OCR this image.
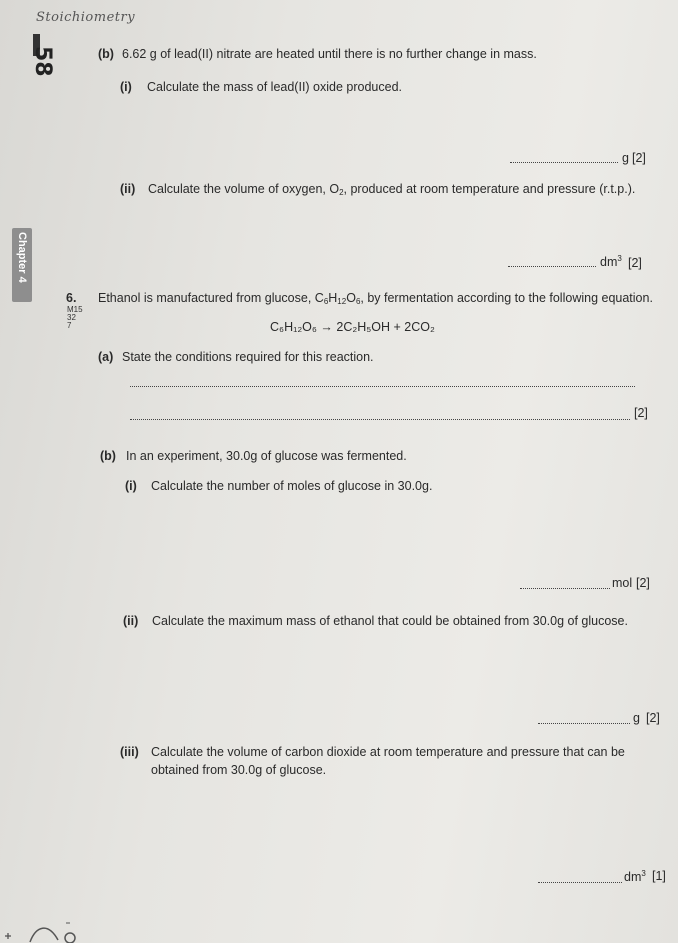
Stoichiometry
58
Chapter 4
(b) 6.62 g of lead(II) nitrate are heated until there is no further change in mass.
(i) Calculate the mass of lead(II) oxide produced.
g [2]
(ii) Calculate the volume of oxygen, $O_2$, produced at room temperature and pressure (r.t.p.).
$dm^3$ [2]
6.
M15
32
7
Ethanol is manufactured from glucose, $C_6H_{12}O_6$, by fermentation according to the following equation.
C₆H₁₂O₆ → 2C₂H₅OH + 2CO₂
(a) State the conditions required for this reaction.
[2]
(b) In an experiment, 30.0g of glucose was fermented.
(i) Calculate the number of moles of glucose in 30.0g.
mol [2]
(ii) Calculate the maximum mass of ethanol that could be obtained from 30.0g of glucose.
g [2]
(iii) Calculate the volume of carbon dioxide at room temperature and pressure that can be
obtained from 30.0g of glucose.
$dm^3$ [1]
